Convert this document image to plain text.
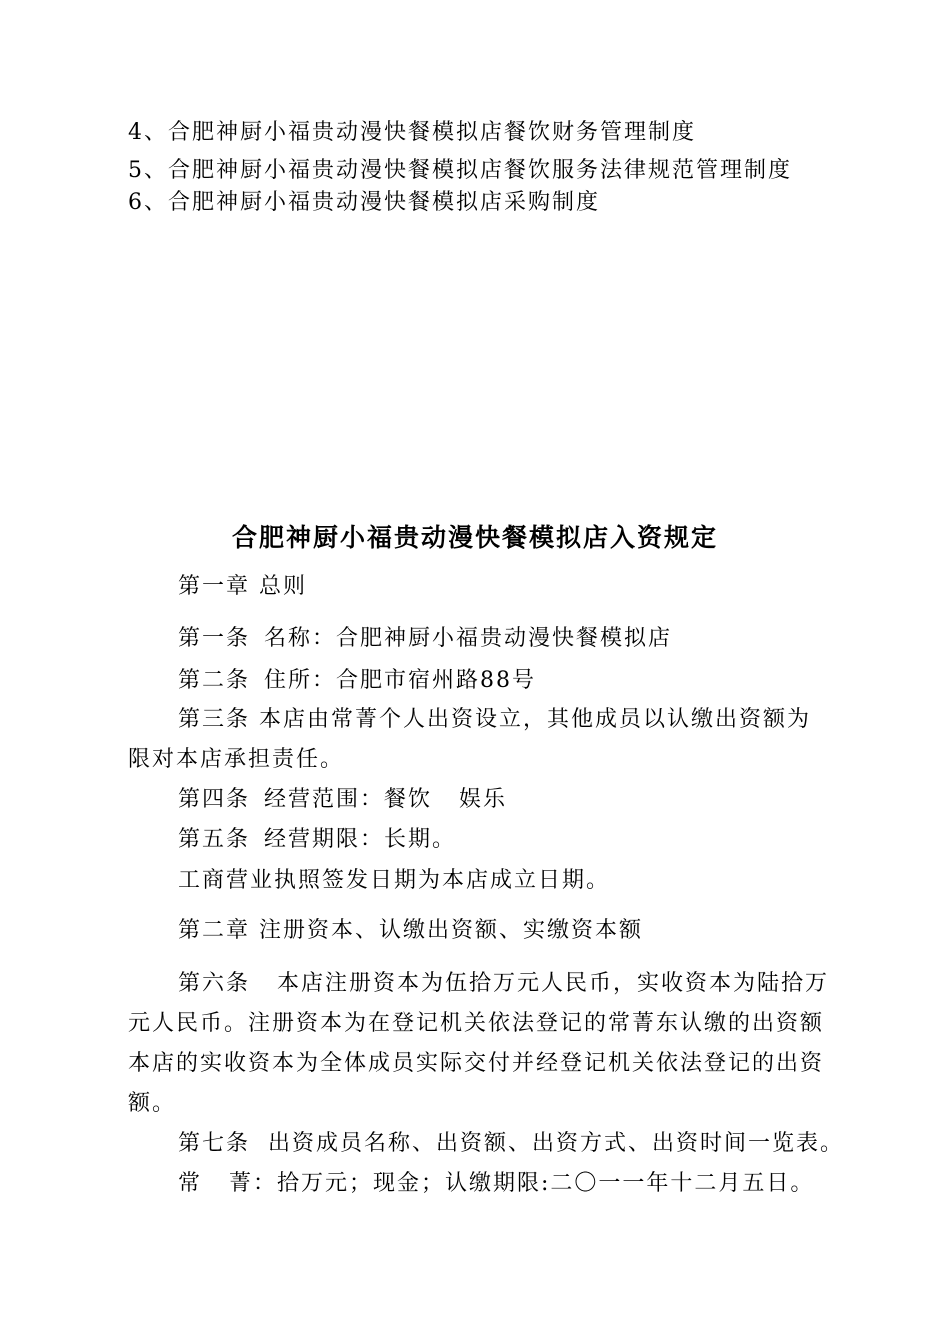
4、合肥神厨小福贵动漫快餐模拟店餐饮财务管理制度
5、合肥神厨小福贵动漫快餐模拟店餐饮服务法律规范管理制度
6、合肥神厨小福贵动漫快餐模拟店采购制度
合肥神厨小福贵动漫快餐模拟店入资规定
第一章 总则
第一条 名称：合肥神厨小福贵动漫快餐模拟店
第二条 住所：合肥市宿州路88号
第三条 本店由常菁个人出资设立，其他成员以认缴出资额为
限对本店承担责任。
第四条 经营范围：餐饮   娱乐
第五条 经营期限：长期。
工商营业执照签发日期为本店成立日期。
第二章 注册资本、认缴出资额、实缴资本额
第六条   本店注册资本为伍拾万元人民币，实收资本为陆拾万
元人民币。注册资本为在登记机关依法登记的常菁东认缴的出资额
本店的实收资本为全体成员实际交付并经登记机关依法登记的出资
额。
第七条  出资成员名称、出资额、出资方式、出资时间一览表。
常   菁：拾万元；现金；认缴期限:二〇一一年十二月五日。
